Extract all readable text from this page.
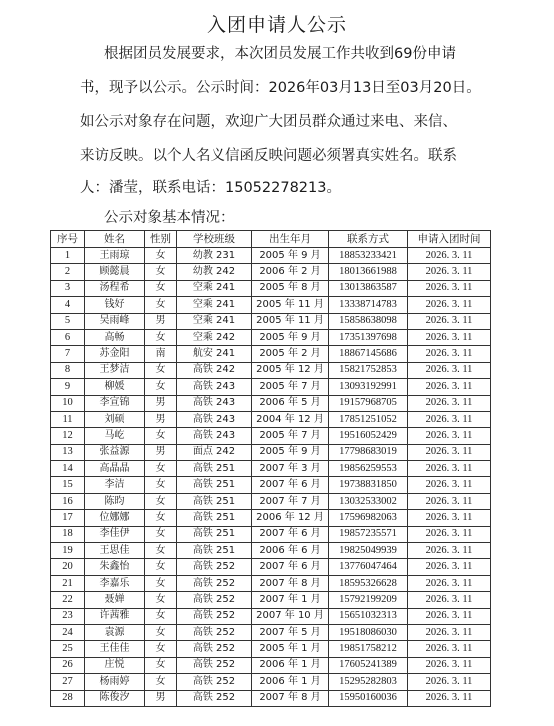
入团申请人公示
根据团员发展要求，本次团员发展工作共收到69份申请
书，现予以公示。公示时间：2026年03月13日至03月20日。
如公示对象存在问题，欢迎广大团员群众通过来电、来信、
来访反映。以个人名义信函反映问题必须署真实姓名。联系
人：潘莹，联系电话：15052278213。
公示对象基本情况：
序号	姓名	性别	学校班级	出生年月	联系方式	申请入团时间
1	王雨琼	女	幼教 231	2005 年 9 月	18853233421	2026. 3. 11
2	顾懿晨	女	幼教 242	2006 年 2 月	18013661988	2026. 3. 11
3	汤程希	女	空乘 241	2005 年 8 月	13013863587	2026. 3. 11
4	钱好	女	空乘 241	2005 年 11 月	13338714783	2026. 3. 11
5	吴雨峰	男	空乘 241	2005 年 11 月	15858638098	2026. 3. 11
6	高畅	女	空乘 242	2005 年 9 月	17351397698	2026. 3. 11
7	苏金阳	南	航安 241	2005 年 2 月	18867145686	2026. 3. 11
8	王梦洁	女	高铁 242	2005 年 12 月	15821752853	2026. 3. 11
9	柳媛	女	高铁 243	2005 年 7 月	13093192991	2026. 3. 11
10	李宣锦	男	高铁 243	2006 年 5 月	19157968705	2026. 3. 11
11	刘硕	男	高铁 243	2004 年 12 月	17851251052	2026. 3. 11
12	马屹	女	高铁 243	2005 年 7 月	19516052429	2026. 3. 11
13	张益源	男	面点 242	2005 年 9 月	17798683019	2026. 3. 11
14	高晶晶	女	高铁 251	2007 年 3 月	19856259553	2026. 3. 11
15	李洁	女	高铁 251	2007 年 6 月	19738831850	2026. 3. 11
16	陈昀	女	高铁 251	2007 年 7 月	13032533002	2026. 3. 11
17	位娜娜	女	高铁 251	2006 年 12 月	17596982063	2026. 3. 11
18	李佳伊	女	高铁 251	2007 年 6 月	19857235571	2026. 3. 11
19	王思佳	女	高铁 251	2006 年 6 月	19825049939	2026. 3. 11
20	朱鑫怡	女	高铁 252	2007 年 6 月	13776047464	2026. 3. 11
21	李嘉乐	女	高铁 252	2007 年 8 月	18595326628	2026. 3. 11
22	聂婵	女	高铁 252	2007 年 1 月	15792199209	2026. 3. 11
23	许茜雅	女	高铁 252	2007 年 10 月	15651032313	2026. 3. 11
24	袁源	女	高铁 252	2007 年 5 月	19518086030	2026. 3. 11
25	王佳佳	女	高铁 252	2005 年 1 月	19851758212	2026. 3. 11
26	庄悦	女	高铁 252	2006 年 1 月	17605241389	2026. 3. 11
27	杨雨婷	女	高铁 252	2006 年 1 月	15295282803	2026. 3. 11
28	陈俊汐	男	高铁 252	2007 年 8 月	15950160036	2026. 3. 11
